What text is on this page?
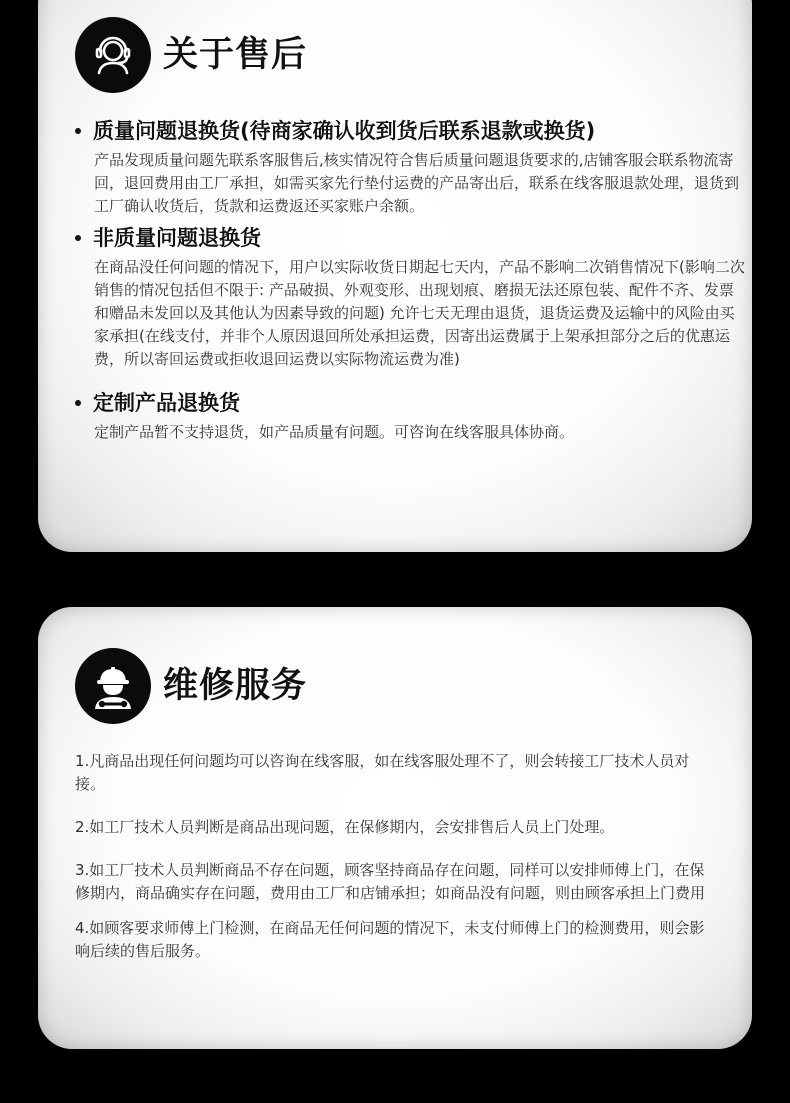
关于售后
质量问题退换货(待商家确认收到货后联系退款或换货)
产品发现质量问题先联系客服售后,核实情况符合售后质量问题退货要求的,店铺客服会联系物流寄回，退回费用由工厂承担，如需买家先行垫付运费的产品寄出后，联系在线客服退款处理，退货到工厂确认收货后，货款和运费返还买家账户余额。
非质量问题退换货
在商品没任何问题的情况下，用户以实际收货日期起七天内，产品不影响二次销售情况下(影响二次销售的情况包括但不限于: 产品破损、外观变形、出现划痕、磨损无法还原包装、配件不齐、发票和赠品未发回以及其他认为因素导致的问题) 允许七天无理由退货，退货运费及运输中的风险由买家承担(在线支付，并非个人原因退回所处承担运费，因寄出运费属于上架承担部分之后的优惠运费，所以寄回运费或拒收退回运费以实际物流运费为准)
定制产品退换货
定制产品暂不支持退货，如产品质量有问题。可咨询在线客服具体协商。
维修服务
1.凡商品出现任何问题均可以咨询在线客服，如在线客服处理不了，则会转接工厂技术人员对接。
2.如工厂技术人员判断是商品出现问题，在保修期内，会安排售后人员上门处理。
3.如工厂技术人员判断商品不存在问题，顾客坚持商品存在问题，同样可以安排师傅上门，在保修期内，商品确实存在问题，费用由工厂和店铺承担；如商品没有问题，则由顾客承担上门费用
4.如顾客要求师傅上门检测，在商品无任何问题的情况下，未支付师傅上门的检测费用，则会影响后续的售后服务。
